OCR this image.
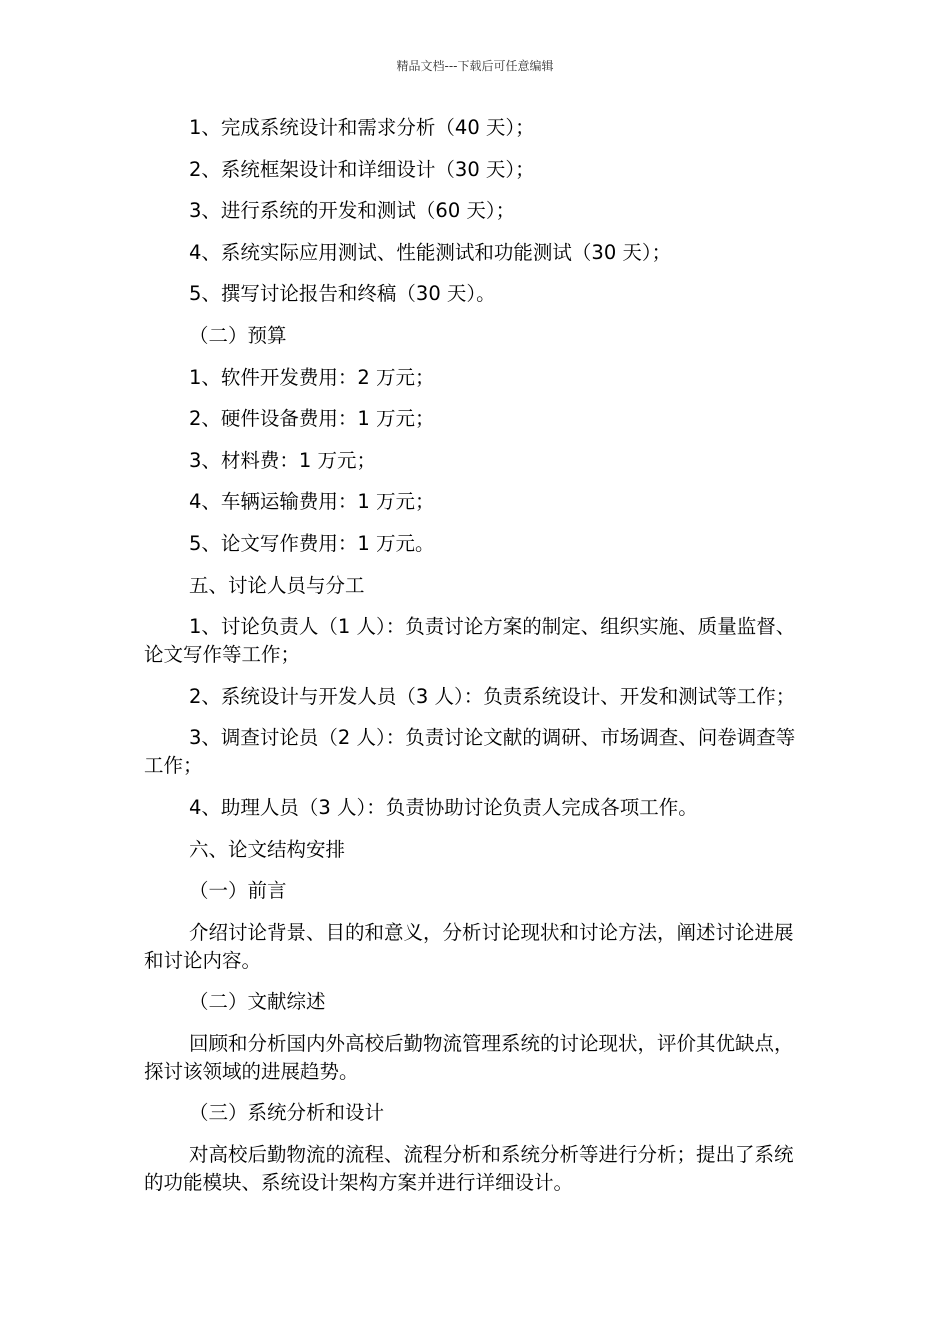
精品文档---下载后可任意编辑

1、完成系统设计和需求分析（40 天）；

2、系统框架设计和详细设计（30 天）；

3、进行系统的开发和测试（60 天）；

4、系统实际应用测试、性能测试和功能测试（30 天）；

5、撰写讨论报告和终稿（30 天）。

（二）预算

1、软件开发费用：2 万元；

2、硬件设备费用：1 万元；

3、材料费：1 万元；

4、车辆运输费用：1 万元；

5、论文写作费用：1 万元。

五、讨论人员与分工

1、讨论负责人（1 人）：负责讨论方案的制定、组织实施、质量监督、论文写作等工作；

2、系统设计与开发人员（3 人）：负责系统设计、开发和测试等工作；

3、调查讨论员（2 人）：负责讨论文献的调研、市场调查、问卷调查等工作；

4、助理人员（3 人）：负责协助讨论负责人完成各项工作。

六、论文结构安排

（一）前言

介绍讨论背景、目的和意义，分析讨论现状和讨论方法，阐述讨论进展和讨论内容。

（二）文献综述

回顾和分析国内外高校后勤物流管理系统的讨论现状，评价其优缺点，探讨该领域的进展趋势。

（三）系统分析和设计

对高校后勤物流的流程、流程分析和系统分析等进行分析；提出了系统的功能模块、系统设计架构方案并进行详细设计。
